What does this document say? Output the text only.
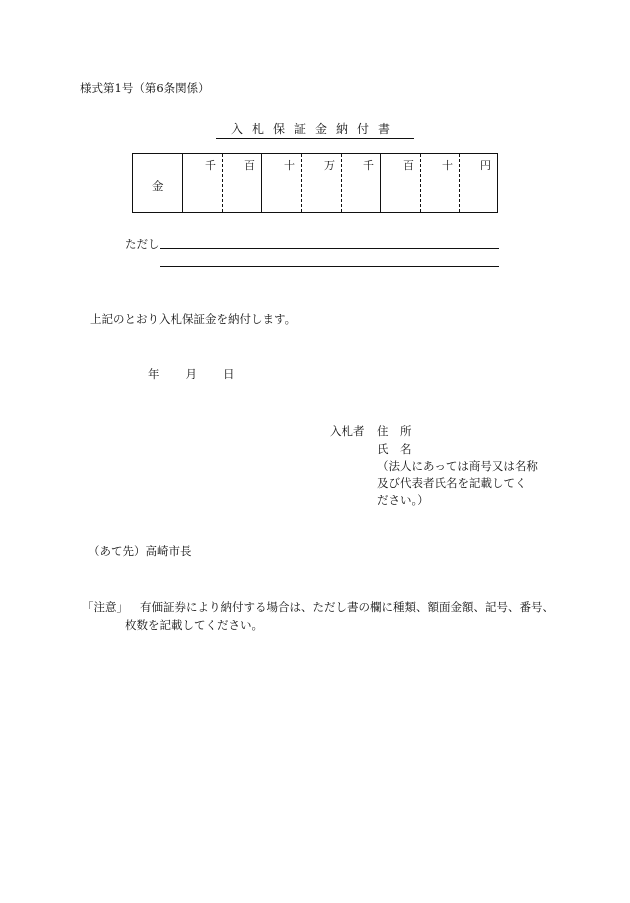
様式第1号（第6条関係）
入札保証金納付書
金
千	百	十	万	千	百	十 円
ただし
上記のとおり入札保証金を納付します。
年 月 日
入札者 住　所
氏　名
（法人にあっては商号又は名称
及び代表者氏名を記載してく
ださい。）
（あて先）高崎市長
「注意」 有価証券により納付する場合は、ただし書の欄に種類、額面金額、記号、番号、
枚数を記載してください。
